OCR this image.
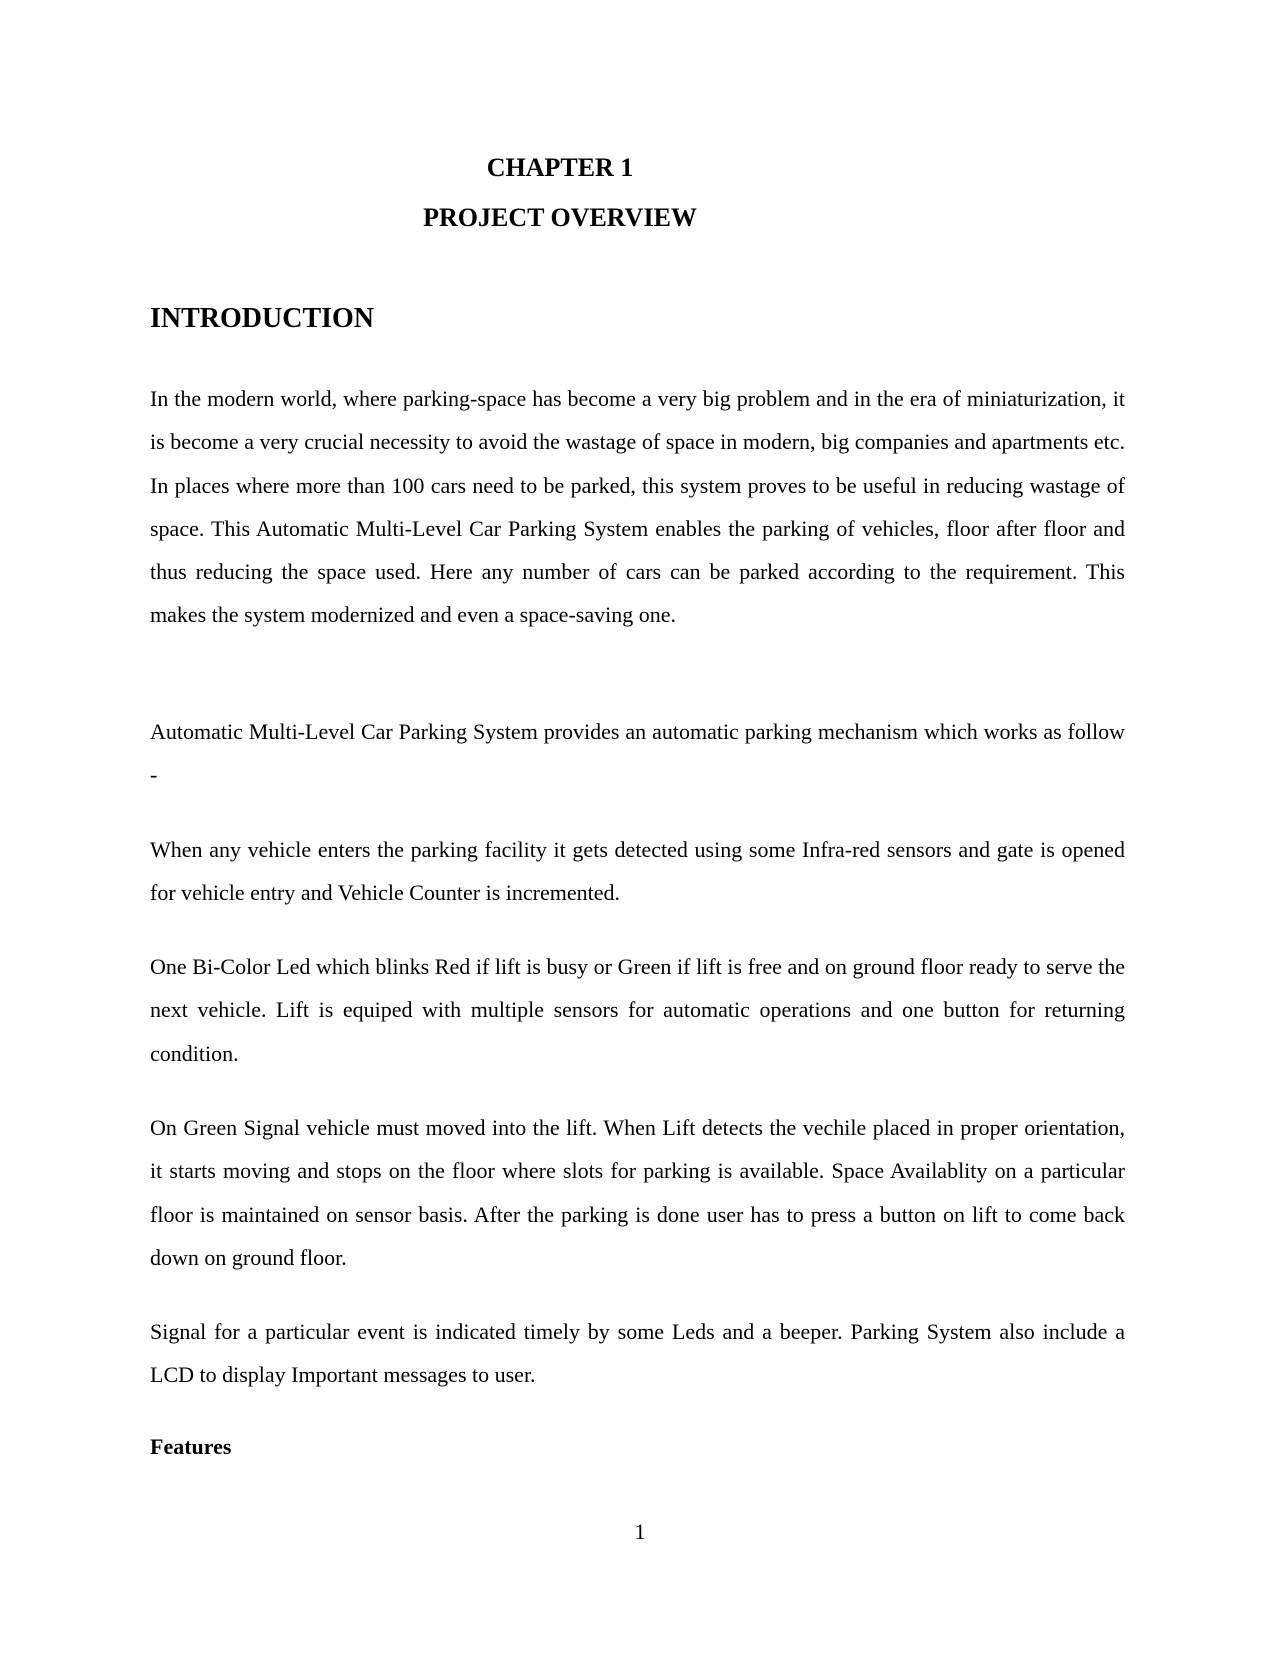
CHAPTER 1
PROJECT OVERVIEW
INTRODUCTION

In the modern world, where parking-space has become a very big problem and in the era of miniaturization, it is become a very crucial necessity to avoid the wastage of space in modern, big companies and apartments etc. In places where more than 100 cars need to be parked, this system proves to be useful in reducing wastage of space. This Automatic Multi-Level Car Parking System enables the parking of vehicles, floor after floor and thus reducing the space used. Here any number of cars can be parked according to the requirement. This makes the system modernized and even a space-saving one.

Automatic Multi-Level Car Parking System provides an automatic parking mechanism which works as follow -

When any vehicle enters the parking facility it gets detected using some Infra-red sensors and gate is opened for vehicle entry and Vehicle Counter is incremented.

One Bi-Color Led which blinks Red if lift is busy or Green if lift is free and on ground floor ready to serve the next vehicle. Lift is equiped with multiple sensors for automatic operations and one button for returning condition.

On Green Signal vehicle must moved into the lift. When Lift detects the vechile placed in proper orientation, it starts moving and stops on the floor where slots for parking is available. Space Availablity on a particular floor is maintained on sensor basis. After the parking is done user has to press a button on lift to come back down on ground floor.

Signal for a particular event is indicated timely by some Leds and a beeper. Parking System also include a LCD to display Important messages to user.

Features
1
